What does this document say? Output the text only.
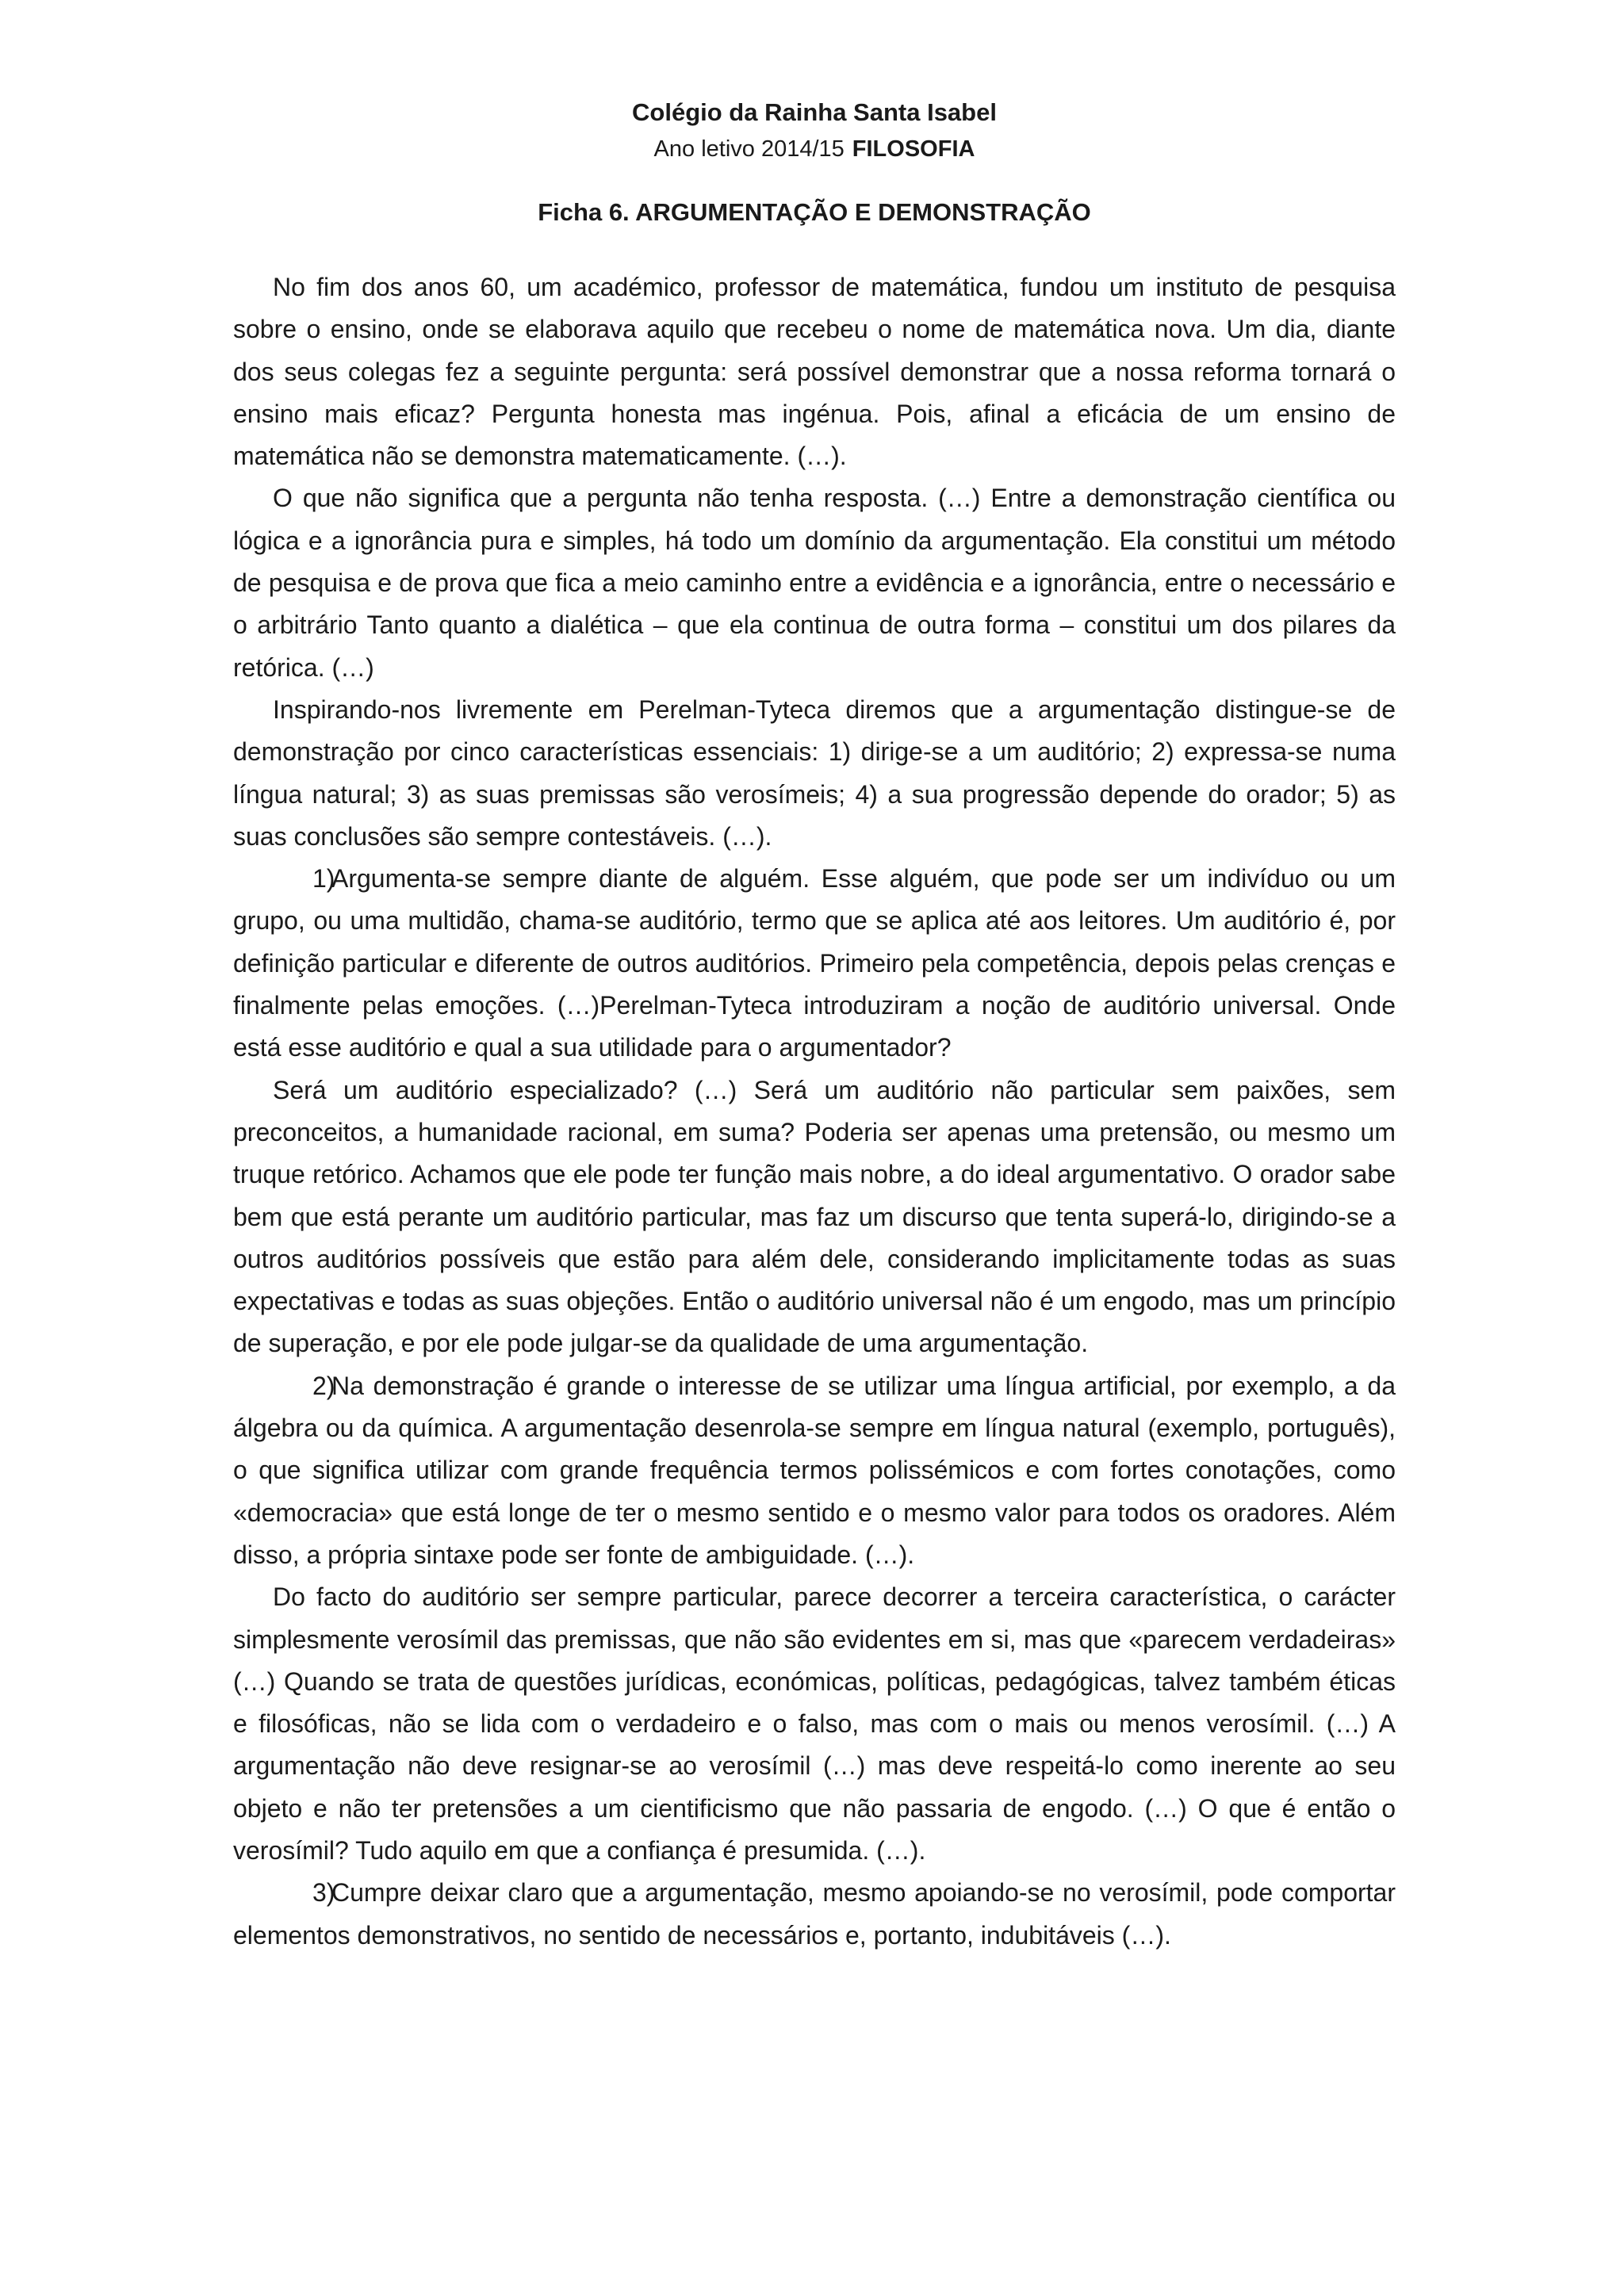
Colégio da Rainha Santa Isabel
Ano letivo 2014/15 FILOSOFIA
Ficha 6. ARGUMENTAÇÃO E DEMONSTRAÇÃO

No fim dos anos 60, um académico, professor de matemática, fundou um instituto de pesquisa sobre o ensino, onde se elaborava aquilo que recebeu o nome de matemática nova. Um dia, diante dos seus colegas fez a seguinte pergunta: será possível demonstrar que a nossa reforma tornará o ensino mais eficaz? Pergunta honesta mas ingénua. Pois, afinal a eficácia de um ensino de matemática não se demonstra matematicamente. (…).

O que não significa que a pergunta não tenha resposta. (…) Entre a demonstração científica ou lógica e a ignorância pura e simples, há todo um domínio da argumentação. Ela constitui um método de pesquisa e de prova que fica a meio caminho entre a evidência e a ignorância, entre o necessário e o arbitrário Tanto quanto a dialética – que ela continua de outra forma – constitui um dos pilares da retórica. (…)

Inspirando-nos livremente em Perelman-Tyteca diremos que a argumentação distingue-se de demonstração por cinco características essenciais: 1) dirige-se a um auditório; 2) expressa-se numa língua natural; 3) as suas premissas são verosímeis; 4) a sua progressão depende do orador; 5) as suas conclusões são sempre contestáveis. (…).

1)Argumenta-se sempre diante de alguém. Esse alguém, que pode ser um indivíduo ou um grupo, ou uma multidão, chama-se auditório, termo que se aplica até aos leitores. Um auditório é, por definição particular e diferente de outros auditórios. Primeiro pela competência, depois pelas crenças e finalmente pelas emoções. (…)Perelman-Tyteca introduziram a noção de auditório universal. Onde está esse auditório e qual a sua utilidade para o argumentador?

Será um auditório especializado? (…) Será um auditório não particular sem paixões, sem preconceitos, a humanidade racional, em suma? Poderia ser apenas uma pretensão, ou mesmo um truque retórico. Achamos que ele pode ter função mais nobre, a do ideal argumentativo. O orador sabe bem que está perante um auditório particular, mas faz um discurso que tenta superá-lo, dirigindo-se a outros auditórios possíveis que estão para além dele, considerando implicitamente todas as suas expectativas e todas as suas objeções. Então o auditório universal não é um engodo, mas um princípio de superação, e por ele pode julgar-se da qualidade de uma argumentação.

2)Na demonstração é grande o interesse de se utilizar uma língua artificial, por exemplo, a da álgebra ou da química. A argumentação desenrola-se sempre em língua natural (exemplo, português), o que significa utilizar com grande frequência termos polissémicos e com fortes conotações, como «democracia» que está longe de ter o mesmo sentido e o mesmo valor para todos os oradores. Além disso, a própria sintaxe pode ser fonte de ambiguidade. (…).

Do facto do auditório ser sempre particular, parece decorrer a terceira característica, o carácter simplesmente verosímil das premissas, que não são evidentes em si, mas que «parecem verdadeiras» (…) Quando se trata de questões jurídicas, económicas, políticas, pedagógicas, talvez também éticas e filosóficas, não se lida com o verdadeiro e o falso, mas com o mais ou menos verosímil. (…) A argumentação não deve resignar-se ao verosímil (…) mas deve respeitá-lo como inerente ao seu objeto e não ter pretensões a um cientificismo que não passaria de engodo. (…) O que é então o verosímil? Tudo aquilo em que a confiança é presumida. (…).

3)Cumpre deixar claro que a argumentação, mesmo apoiando-se no verosímil, pode comportar elementos demonstrativos, no sentido de necessários e, portanto, indubitáveis (…).
